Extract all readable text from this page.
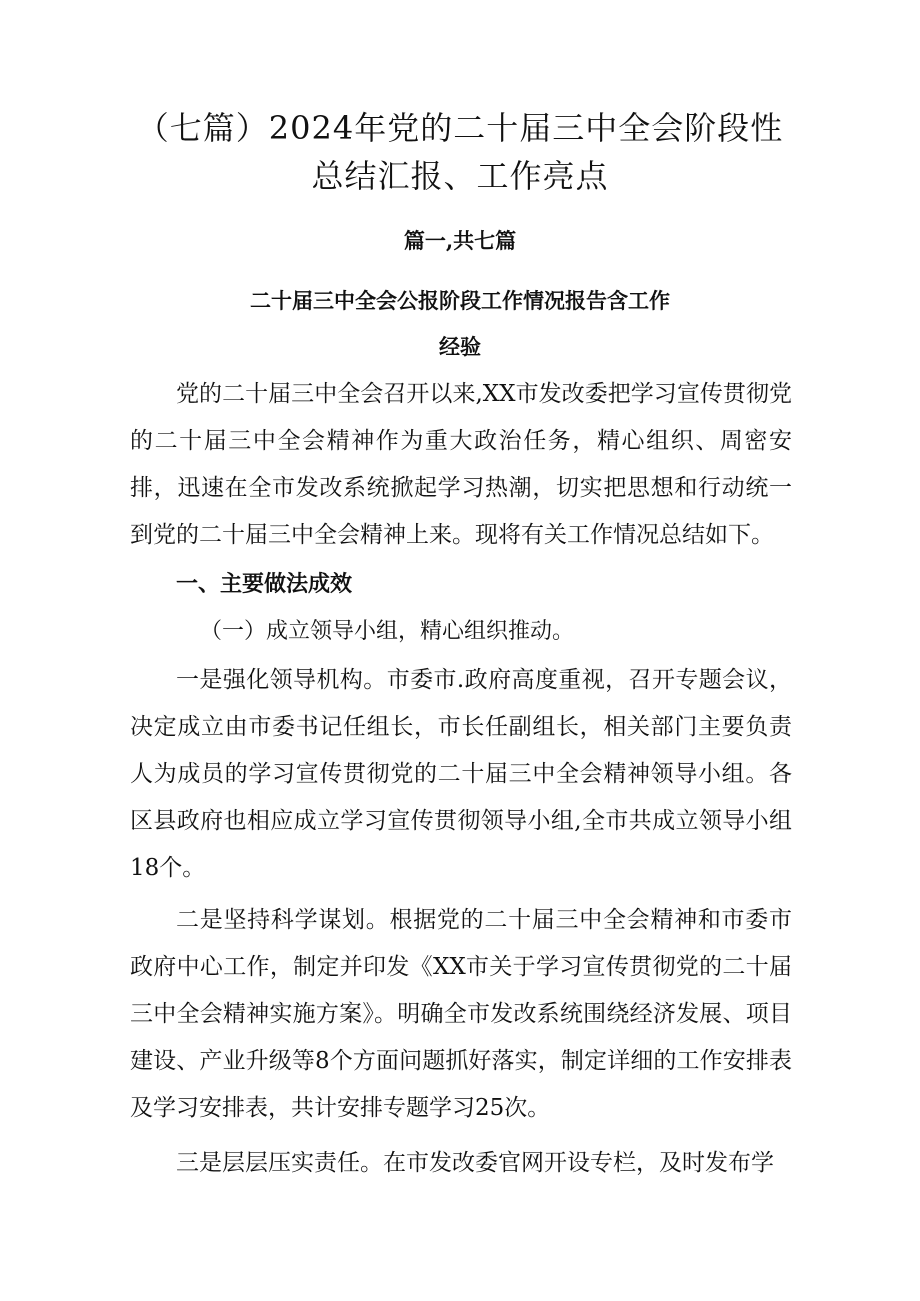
（七篇）2024年党的二十届三中全会阶段性
总结汇报、工作亮点
篇一,共七篇
二十届三中全会公报阶段工作情况报告含工作
经验

党的二十届三中全会召开以来,XX市发改委把学习宣传贯彻党的二十届三中全会精神作为重大政治任务，精心组织、周密安排，迅速在全市发改系统掀起学习热潮，切实把思想和行动统一到党的二十届三中全会精神上来。现将有关工作情况总结如下。

一、主要做法成效
（一）成立领导小组，精心组织推动。

一是强化领导机构。市委市.政府高度重视，召开专题会议，决定成立由市委书记任组长，市长任副组长，相关部门主要负责人为成员的学习宣传贯彻党的二十届三中全会精神领导小组。各区县政府也相应成立学习宣传贯彻领导小组,全市共成立领导小组18个。

二是坚持科学谋划。根据党的二十届三中全会精神和市委市政府中心工作，制定并印发《XX市关于学习宣传贯彻党的二十届三中全会精神实施方案》。明确全市发改系统围绕经济发展、项目建设、产业升级等8个方面问题抓好落实，制定详细的工作安排表及学习安排表，共计安排专题学习25次。

三是层层压实责任。在市发改委官网开设专栏，及时发布学
